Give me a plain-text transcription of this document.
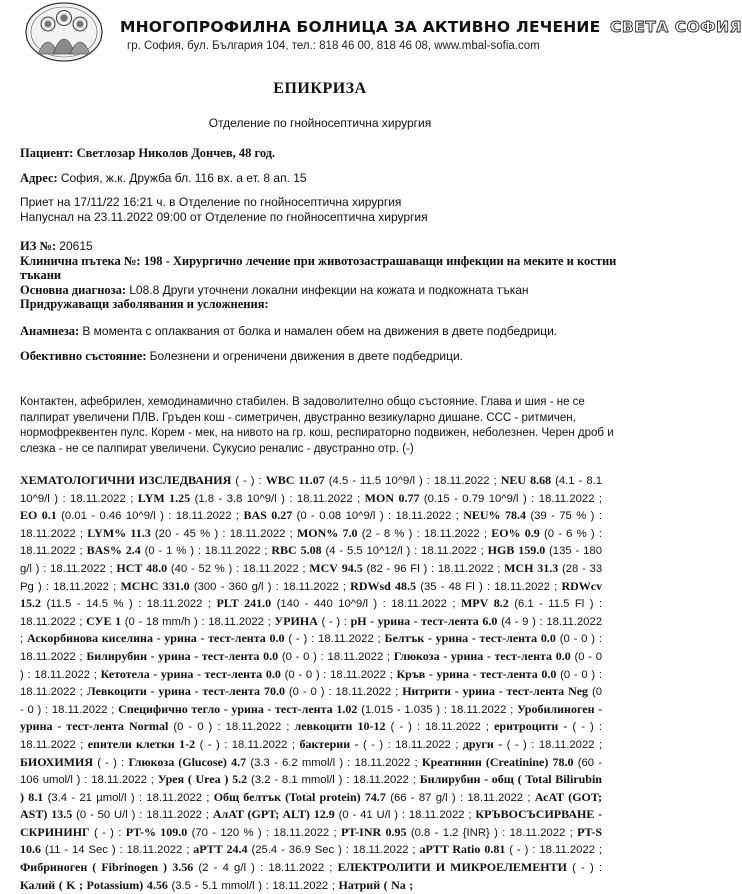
МНОГОПРОФИЛНА БОЛНИЦА ЗА АКТИВНО ЛЕЧЕНИЕ СВЕТА СОФИЯ
гр. София, бул. България 104, тел.: 818 46 00, 818 46 08, www.mbal-sofia.com
ЕПИКРИЗА
Отделение по гнойносептична хирургия
Пациент: Светлозар Николов Дончев, 48 год.
Адрес: София, ж.к. Дружба бл. 116 вх. а ет. 8 ап. 15
Приет на 17/11/22 16:21 ч. в Отделение по гнойносептична хирургия
Напуснал на 23.11.2022 09:00 от Отделение по гнойносептична хирургия
ИЗ №: 20615
Клинична пътека №: 198 - Хирургично лечение при животозастрашаващи инфекции на меките и костни
тъкани
Основна диагноза: L08.8 Други уточнени локални инфекции на кожата и подкожната тъкан
Придружаващи заболявания и усложнения:
Анамнеза: В момента с оплаквания от болка и намален обем на движения в двете подбедрици.
Обективно състояние: Болезнени и огреничени движения в двете подбедрици.
Контактен, афебрилен, хемодинамично стабилен. В задоволително общо състояние. Глава и шия - не се палпират увеличени ПЛВ. Гръден кош - симетричен, двустранно везикуларно дишане. ССС - ритмичен, нормофреквентен пулс. Корем - мек, на нивото на гр. кош, респираторно подвижен, неболезнен. Черен дроб и слезка - не се палпират увеличени. Сукусио реналис - двустранно отр. (-)
ХЕМАТОЛОГИЧНИ ИЗСЛЕДВАНИЯ ( - ) : WBC 11.07 (4.5 - 11.5 10^9/l ) : 18.11.2022 ; NEU 8.68 (4.1 - 8.1 10^9/l ) : 18.11.2022 ; LYM 1.25 (1.8 - 3.8 10^9/l ) : 18.11.2022 ; MON 0.77 (0.15 - 0.79 10^9/l ) : 18.11.2022 ; EO 0.1 (0.01 - 0.46 10^9/l ) : 18.11.2022 ; BAS 0.27 (0 - 0.08 10^9/l ) : 18.11.2022 ; NEU% 78.4 (39 - 75 % ) : 18.11.2022 ; LYM% 11.3 (20 - 45 % ) : 18.11.2022 ; MON% 7.0 (2 - 8 % ) : 18.11.2022 ; EO% 0.9 (0 - 6 % ) : 18.11.2022 ; BAS% 2.4 (0 - 1 % ) : 18.11.2022 ; RBC 5.08 (4 - 5.5 10^12/l ) : 18.11.2022 ; HGB 159.0 (135 - 180 g/l ) : 18.11.2022 ; HCT 48.0 (40 - 52 % ) : 18.11.2022 ; MCV 94.5 (82 - 96 Fl ) : 18.11.2022 ; MCH 31.3 (28 - 33 Pg ) : 18.11.2022 ; MCHC 331.0 (300 - 360 g/l ) : 18.11.2022 ; RDWsd 48.5 (35 - 48 Fl ) : 18.11.2022 ; RDWcv 15.2 (11.5 - 14.5 % ) : 18.11.2022 ; PLT 241.0 (140 - 440 10^9/l ) : 18.11.2022 ; MPV 8.2 (6.1 - 11.5 Fl ) : 18.11.2022 ; СУЕ 1 (0 - 18 mm/h ) : 18.11.2022 ; УРИНА ( - ) : pH - урина - тест-лента 6.0 (4 - 9 ) : 18.11.2022 ; Аскорбинова киселина - урина - тест-лента 0.0 ( - ) : 18.11.2022 ; Белтък - урина - тест-лента 0.0 (0 - 0 ) : 18.11.2022 ; Билирубин - урина - тест-лента 0.0 (0 - 0 ) : 18.11.2022 ; Глюкоза - урина - тест-лента 0.0 (0 - 0 ) : 18.11.2022 ; Кетотела - урина - тест-лента 0.0 (0 - 0 ) : 18.11.2022 ; Кръв - урина - тест-лента 0.0 (0 - 0 ) : 18.11.2022 ; Левкоцити - урина - тест-лента 70.0 (0 - 0 ) : 18.11.2022 ; Нитрити - урина - тест-лента Neg (0 - 0 ) : 18.11.2022 ; Специфично тегло - урина - тест-лента 1.02 (1.015 - 1.035 ) : 18.11.2022 ; Уробилиноген - урина - тест-лента Normal (0 - 0 ) : 18.11.2022 ; левкоцити 10-12 ( - ) : 18.11.2022 ; еритроцити - ( - ) : 18.11.2022 ; епители клетки 1-2 ( - ) : 18.11.2022 ; бактерии - ( - ) : 18.11.2022 ; други - ( - ) : 18.11.2022 ; БИОХИМИЯ ( - ) : Глюкоза (Glucose) 4.7 (3.3 - 6.2 mmol/l ) : 18.11.2022 ; Креатинин (Creatinine) 78.0 (60 - 106 umol/l ) : 18.11.2022 ; Урея ( Urea ) 5.2 (3.2 - 8.1 mmol/l ) : 18.11.2022 ; Билирубин - общ ( Total Bilirubin ) 8.1 (3.4 - 21 µmol/l ) : 18.11.2022 ; Общ белтък (Total protein) 74.7 (66 - 87 g/l ) : 18.11.2022 ; АсАТ (GOT; AST) 13.5 (0 - 50 U/l ) : 18.11.2022 ; АлАТ (GPT; ALT) 12.9 (0 - 41 U/l ) : 18.11.2022 ; КРЪВОСЪСИРВАНЕ - СКРИНИНГ ( - ) : PT-% 109.0 (70 - 120 % ) : 18.11.2022 ; PT-INR 0.95 (0.8 - 1.2 {INR} ) : 18.11.2022 ; PT-S 10.6 (11 - 14 Sec ) : 18.11.2022 ; aPTT 24.4 (25.4 - 36.9 Sec ) : 18.11.2022 ; aPTT Ratio 0.81 ( - ) : 18.11.2022 ; Фибриноген ( Fibrinogen ) 3.56 (2 - 4 g/l ) : 18.11.2022 ; ЕЛЕКТРОЛИТИ И МИКРОЕЛЕМЕНТИ ( - ) : Калий ( K ; Potassium) 4.56 (3.5 - 5.1 mmol/l ) : 18.11.2022 ; Натрий ( Na ;
